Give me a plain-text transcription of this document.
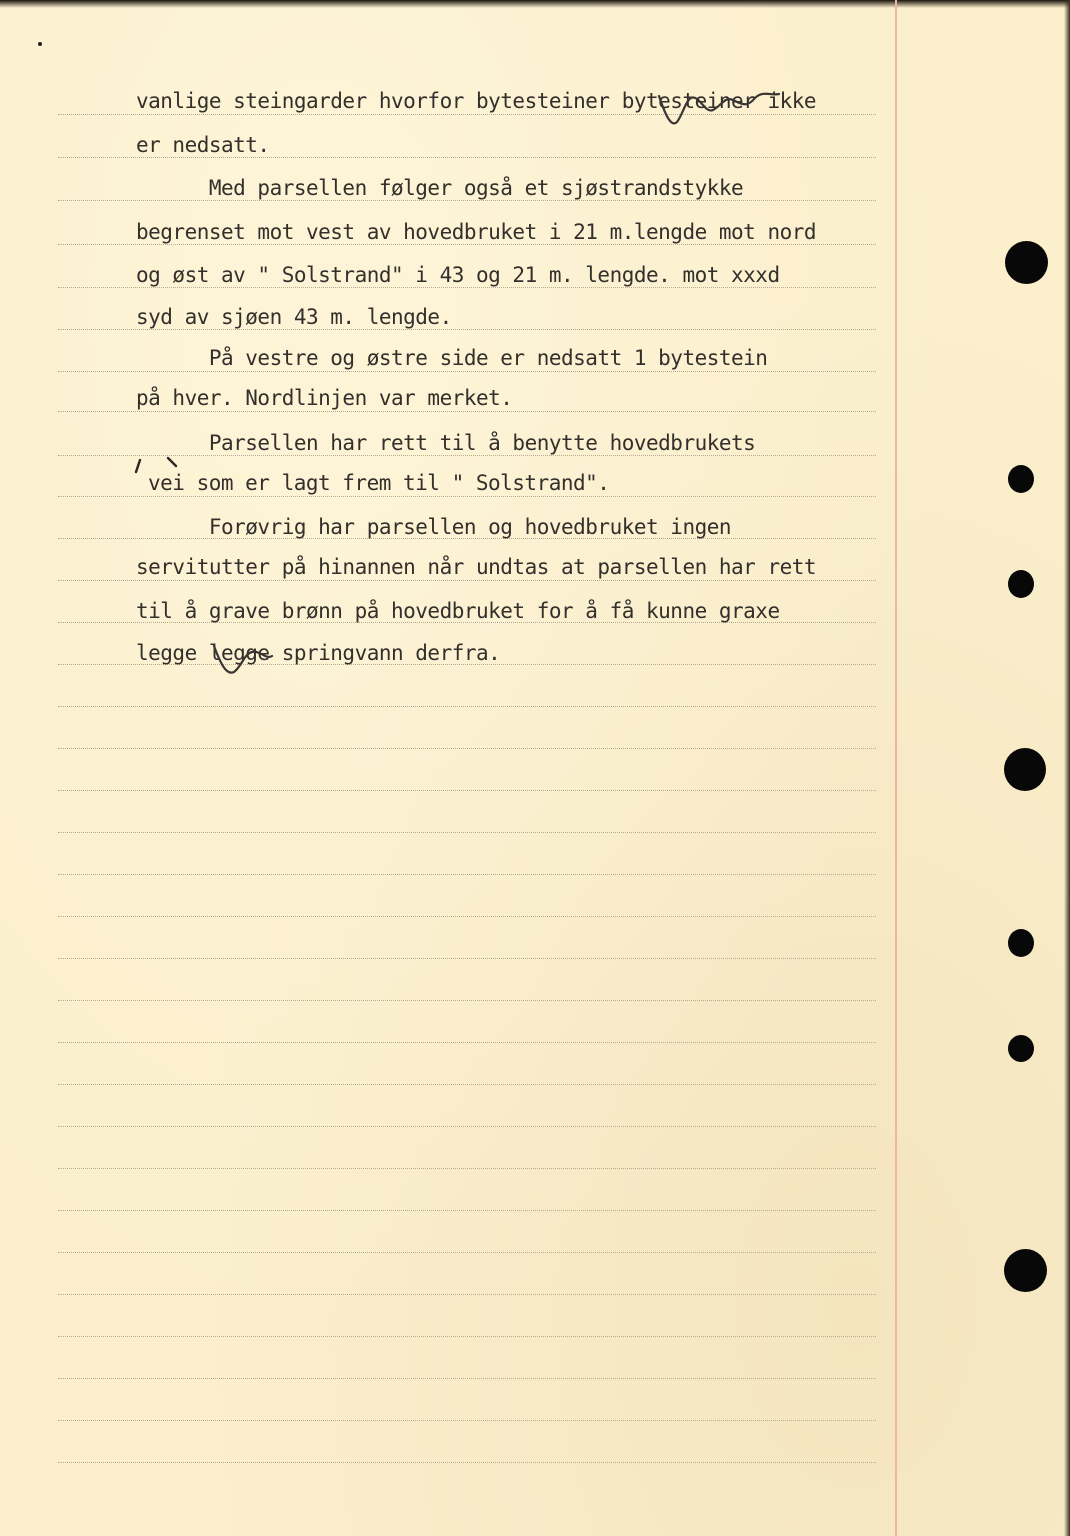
vanlige steingarder hvorfor bytesteiner bytesteiner ikke
er nedsatt.
Med parsellen følger også et sjøstrandstykke
begrenset mot vest av hovedbruket i 21 m.lengde mot nord
og øst av " Solstrand" i 43 og 21 m. lengde. mot xxxd
syd av sjøen 43 m. lengde.
På vestre og østre side er nedsatt 1 bytestein
på hver. Nordlinjen var merket.
Parsellen har rett til å benytte hovedbrukets
vei som er lagt frem til " Solstrand".
Forøvrig har parsellen og hovedbruket ingen
servitutter på hinannen når undtas at parsellen har rett
til å grave brønn på hovedbruket for å få kunne graxe
legge legge springvann derfra.
